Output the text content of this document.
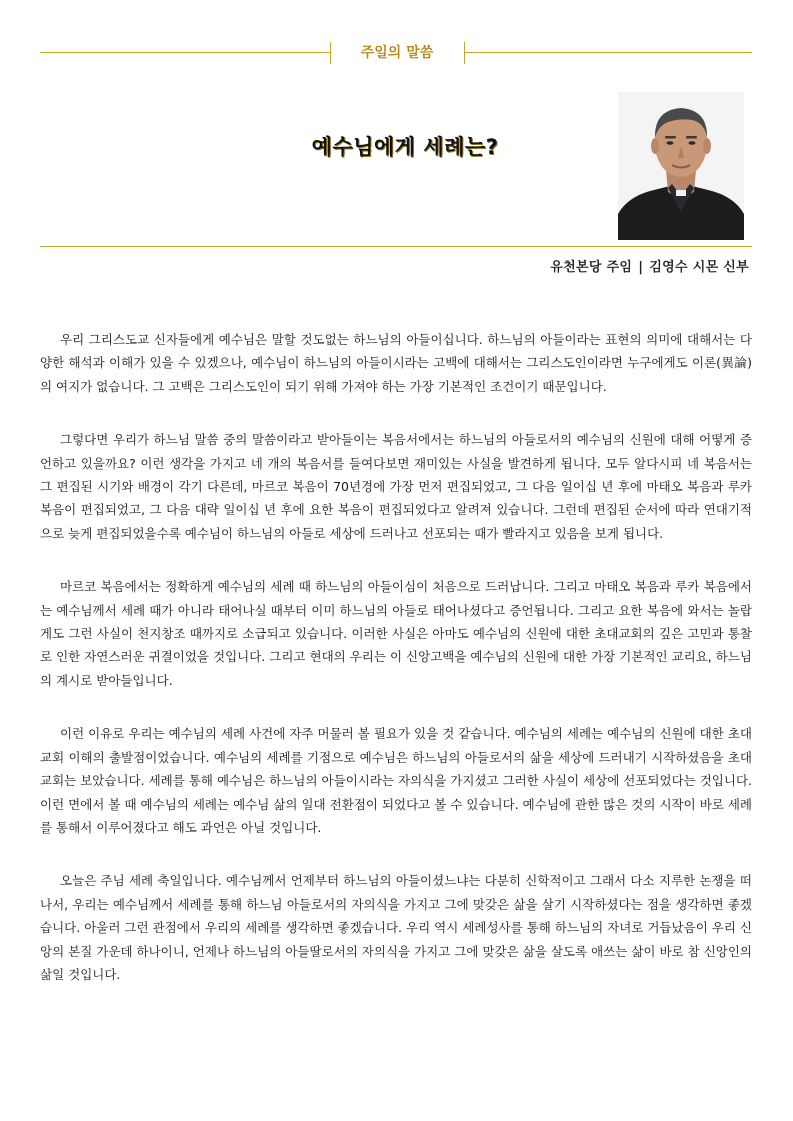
주일의 말씀
예수님에게 세례는?
유천본당 주임 | 김영수 시몬 신부

우리 그리스도교 신자들에게 예수님은 말할 것도없는 하느님의 아들이십니다. 하느님의 아들이라는 표현의 의미에 대해서는 다양한 해석과 이해가 있을 수 있겠으나, 예수님이 하느님의 아들이시라는 고백에 대해서는 그리스도인이라면 누구에게도 이론(異論)의 여지가 없습니다. 그 고백은 그리스도인이 되기 위해 가져야 하는 가장 기본적인 조건이기 때문입니다.

그렇다면 우리가 하느님 말씀 중의 말씀이라고 받아들이는 복음서에서는 하느님의 아들로서의 예수님의 신원에 대해 어떻게 증언하고 있을까요? 이런 생각을 가지고 네 개의 복음서를 들여다보면 재미있는 사실을 발견하게 됩니다. 모두 알다시피 네 복음서는 그 편집된 시기와 배경이 각기 다른데, 마르코 복음이 70년경에 가장 먼저 편집되었고, 그 다음 일이십 년 후에 마태오 복음과 루카 복음이 편집되었고, 그 다음 대략 일이십 년 후에 요한 복음이 편집되었다고 알려져 있습니다. 그런데 편집된 순서에 따라 연대기적으로 늦게 편집되었을수록 예수님이 하느님의 아들로 세상에 드러나고 선포되는 때가 빨라지고 있음을 보게 됩니다.

마르코 복음에서는 정확하게 예수님의 세례 때 하느님의 아들이심이 처음으로 드러납니다. 그리고 마태오 복음과 루카 복음에서는 예수님께서 세례 때가 아니라 태어나실 때부터 이미 하느님의 아들로 태어나셨다고 증언됩니다. 그리고 요한 복음에 와서는 놀랍게도 그런 사실이 천지창조 때까지로 소급되고 있습니다. 이러한 사실은 아마도 예수님의 신원에 대한 초대교회의 깊은 고민과 통찰로 인한 자연스러운 귀결이었을 것입니다. 그리고 현대의 우리는 이 신앙고백을 예수님의 신원에 대한 가장 기본적인 교리요, 하느님의 계시로 받아들입니다.

이런 이유로 우리는 예수님의 세례 사건에 자주 머물러 볼 필요가 있을 것 같습니다. 예수님의 세례는 예수님의 신원에 대한 초대교회 이해의 출발점이었습니다. 예수님의 세례를 기점으로 예수님은 하느님의 아들로서의 삶을 세상에 드러내기 시작하셨음을 초대교회는 보았습니다. 세례를 통해 예수님은 하느님의 아들이시라는 자의식을 가지셨고 그러한 사실이 세상에 선포되었다는 것입니다. 이런 면에서 볼 때 예수님의 세례는 예수님 삶의 일대 전환점이 되었다고 볼 수 있습니다. 예수님에 관한 많은 것의 시작이 바로 세례를 통해서 이루어졌다고 해도 과언은 아닐 것입니다.

오늘은 주님 세례 축일입니다. 예수님께서 언제부터 하느님의 아들이셨느냐는 다분히 신학적이고 그래서 다소 지루한 논쟁을 떠나서, 우리는 예수님께서 세례를 통해 하느님 아들로서의 자의식을 가지고 그에 맞갖은 삶을 살기 시작하셨다는 점을 생각하면 좋겠습니다. 아울러 그런 관점에서 우리의 세례를 생각하면 좋겠습니다. 우리 역시 세례성사를 통해 하느님의 자녀로 거듭났음이 우리 신앙의 본질 가운데 하나이니, 언제나 하느님의 아들딸로서의 자의식을 가지고 그에 맞갖은 삶을 살도록 애쓰는 삶이 바로 참 신앙인의 삶일 것입니다.
